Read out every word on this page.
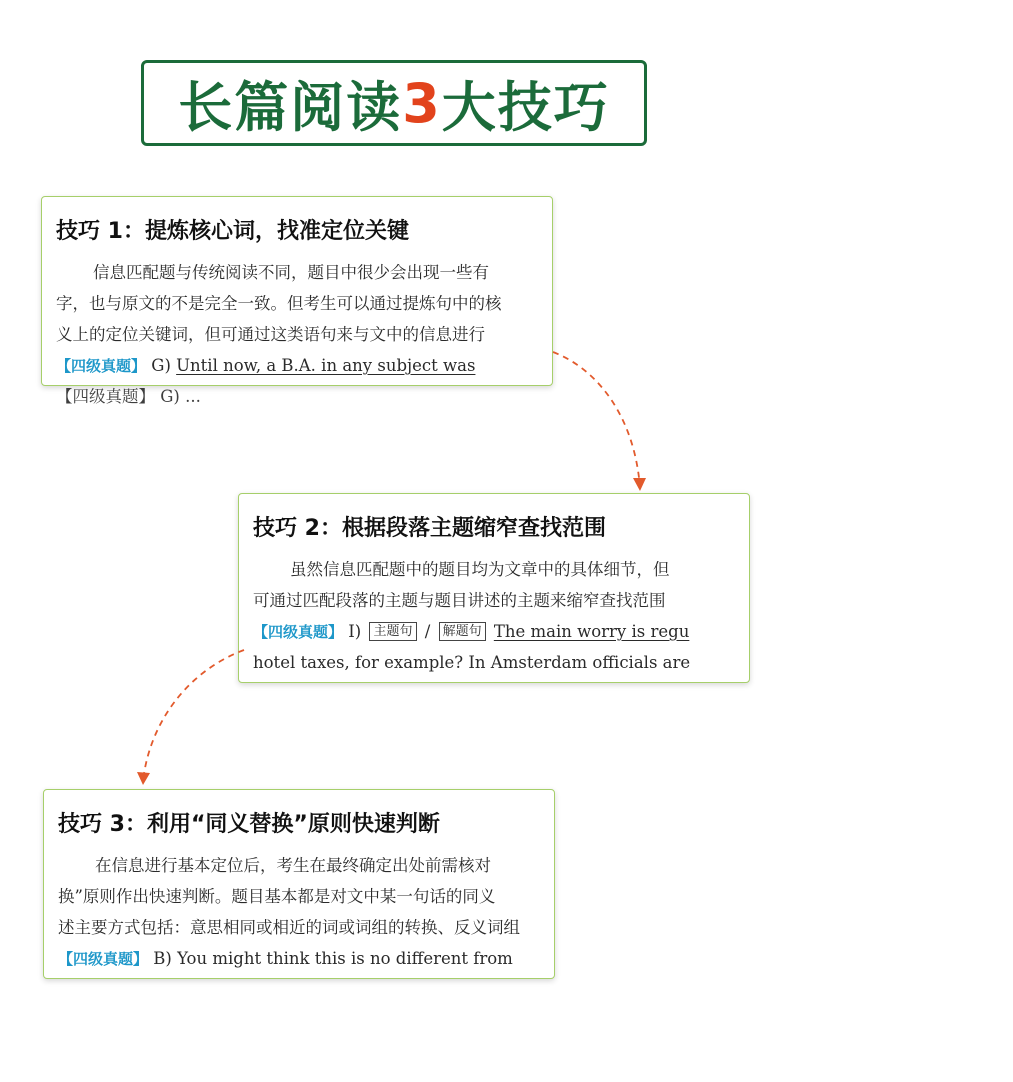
长篇阅读 3 大技巧
技巧 1：提炼核心词，找准定位关键
信息匹配题与传统阅读不同，题目中很少会出现一些有
字，也与原文的不是完全一致。但考生可以通过提炼句中的核
义上的定位关键词，但可通过这类语句来与文中的信息进行
【四级真题】 G) Until now, a B.A. in any subject was
【四级真题】 G) ...
技巧 2：根据段落主题缩窄查找范围
虽然信息匹配题中的题目均为文章中的具体细节，但
可通过匹配段落的主题与题目讲述的主题来缩窄查找范围
【四级真题】 I) 主题句 / 解题句 The main worry is regu
hotel taxes, for example? In Amsterdam officials are
技巧 3：利用“同义替换”原则快速判断
在信息进行基本定位后，考生在最终确定出处前需核对
换”原则作出快速判断。题目基本都是对文中某一句话的同义
述主要方式包括：意思相同或相近的词或词组的转换、反义词组
【四级真题】 B) You might think this is no different from
